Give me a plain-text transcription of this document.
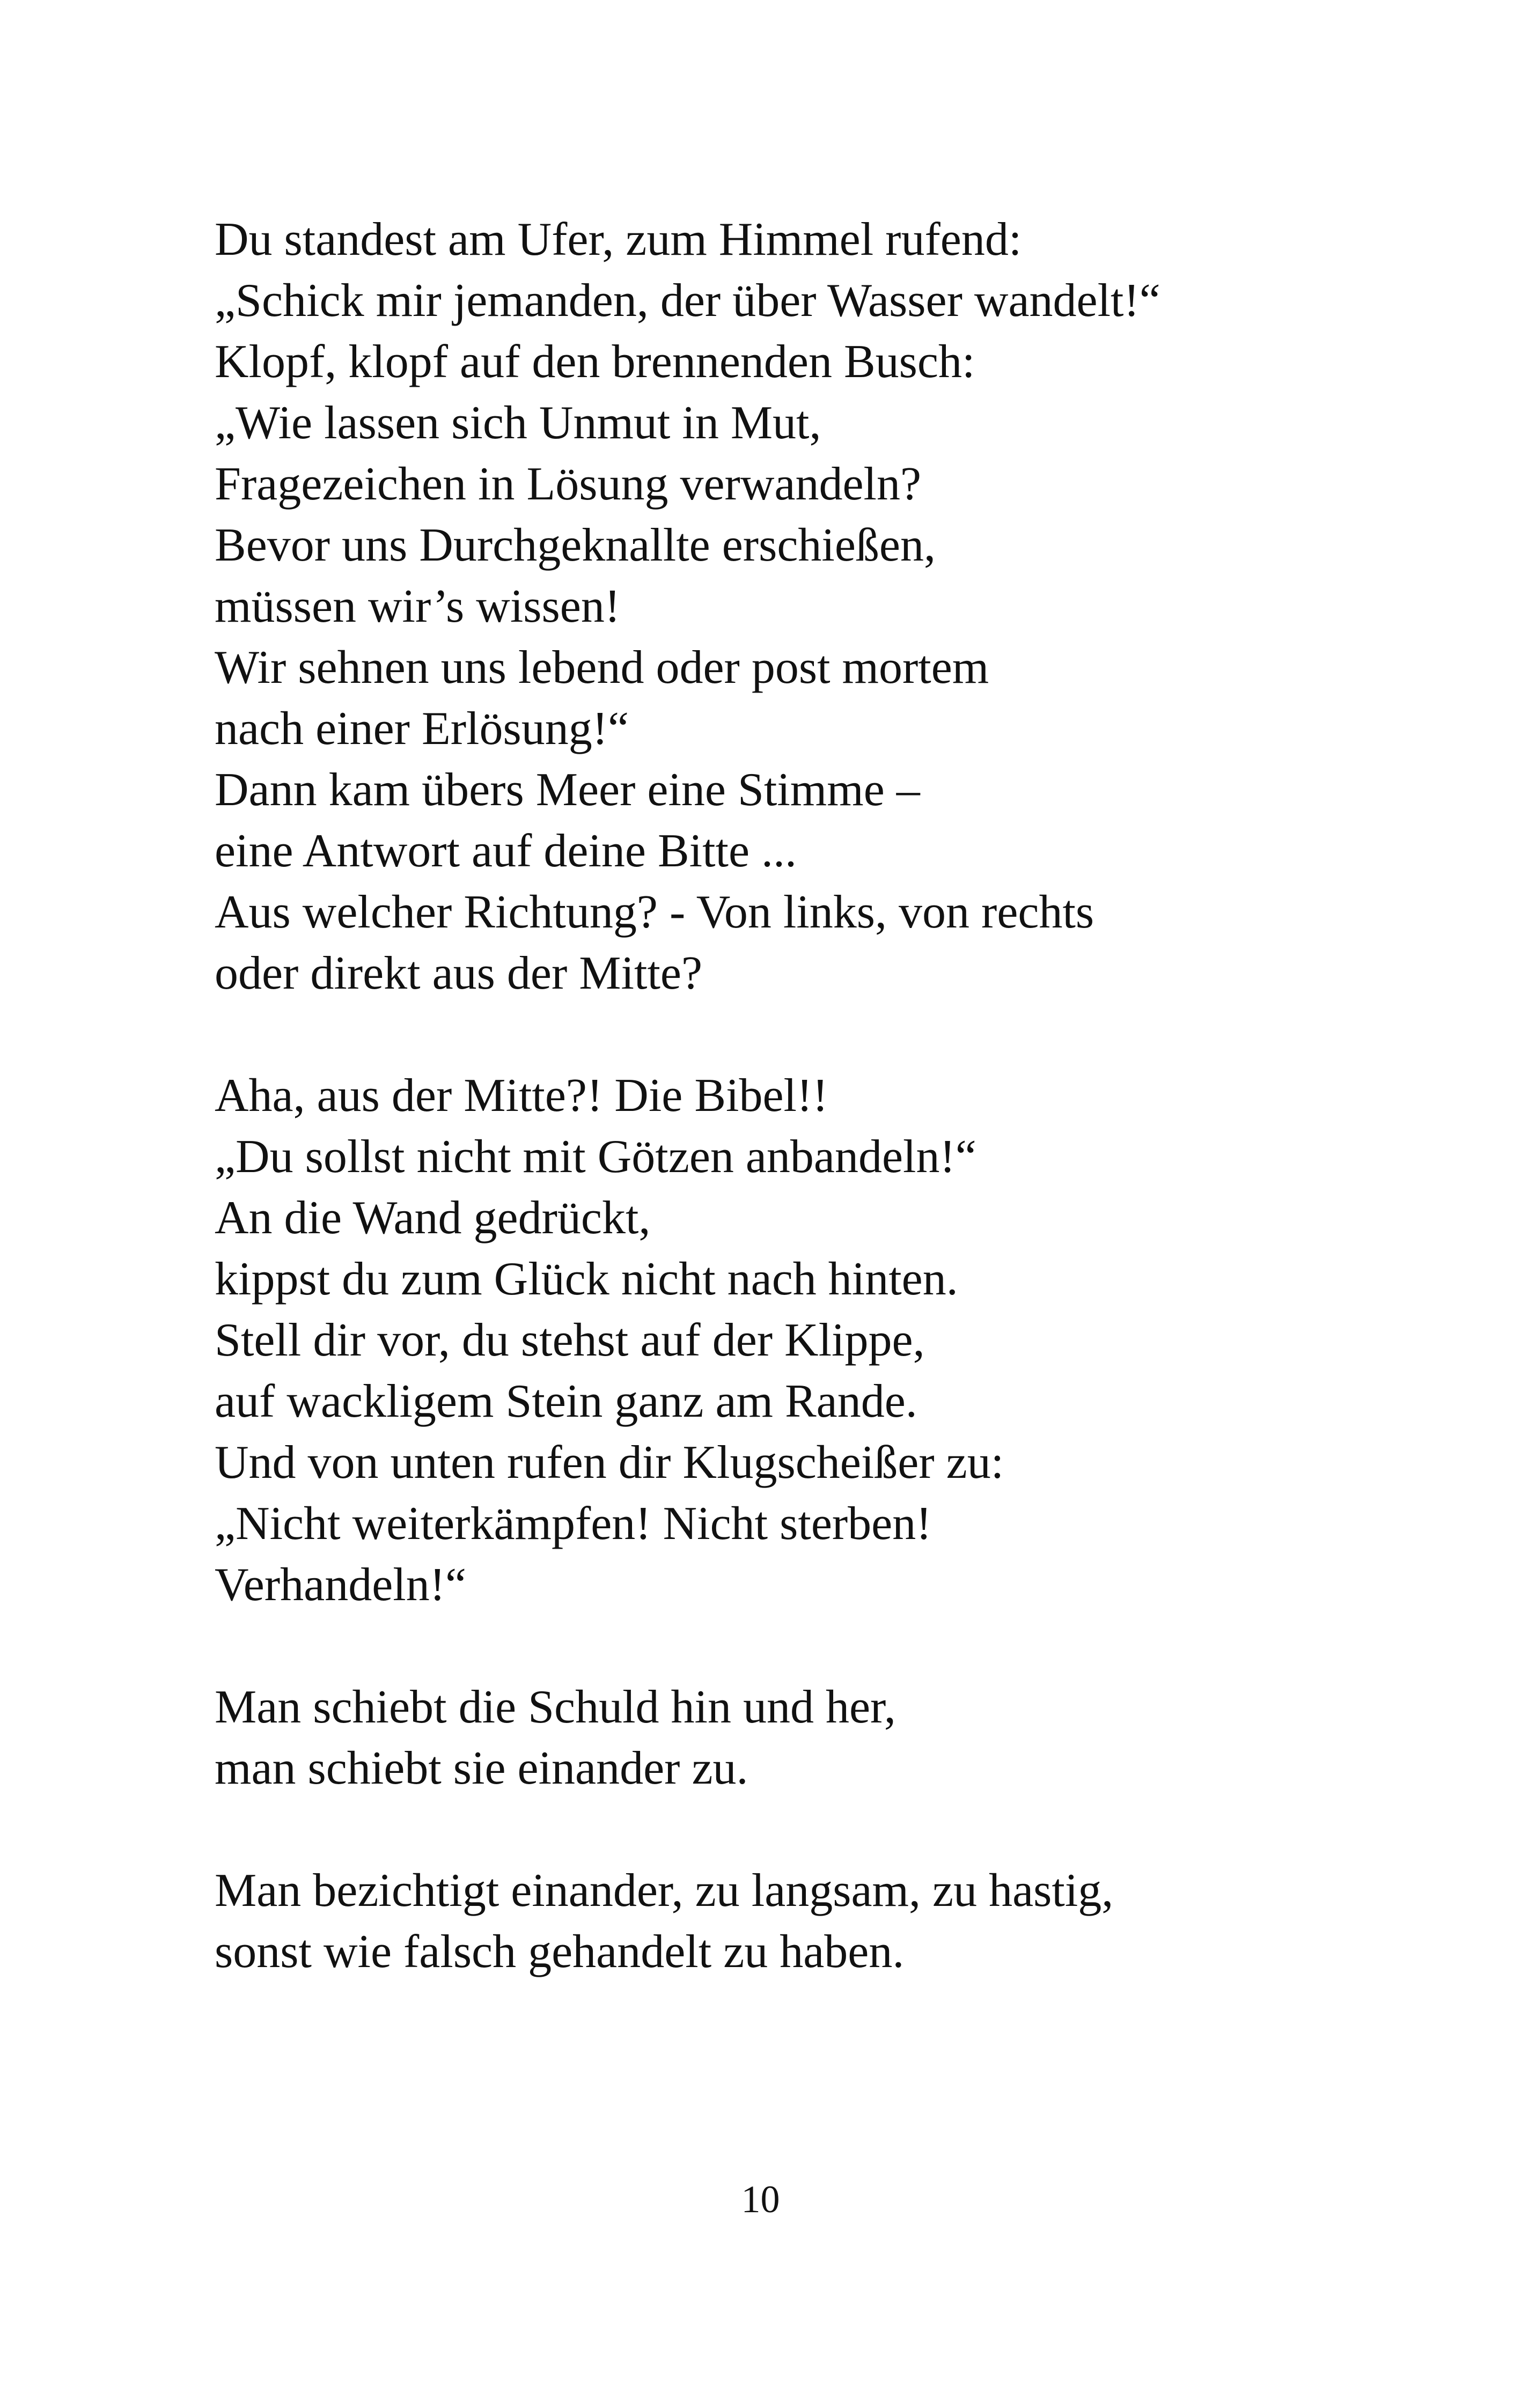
Du standest am Ufer, zum Himmel rufend:
„Schick mir jemanden, der über Wasser wandelt!“
Klopf, klopf auf den brennenden Busch:
„Wie lassen sich Unmut in Mut,
Fragezeichen in Lösung verwandeln?
Bevor uns Durchgeknallte erschießen,
müssen wir’s wissen!
Wir sehnen uns lebend oder post mortem
nach einer Erlösung!“
Dann kam übers Meer eine Stimme –
eine Antwort auf deine Bitte ...
Aus welcher Richtung? - Von links, von rechts
oder direkt aus der Mitte?
Aha, aus der Mitte?! Die Bibel!!
„Du sollst nicht mit Götzen anbandeln!“
An die Wand gedrückt,
kippst du zum Glück nicht nach hinten.
Stell dir vor, du stehst auf der Klippe,
auf wackligem Stein ganz am Rande.
Und von unten rufen dir Klugscheißer zu:
„Nicht weiterkämpfen! Nicht sterben!
Verhandeln!“
Man schiebt die Schuld hin und her,
man schiebt sie einander zu.
Man bezichtigt einander, zu langsam, zu hastig,
sonst wie falsch gehandelt zu haben.
10
